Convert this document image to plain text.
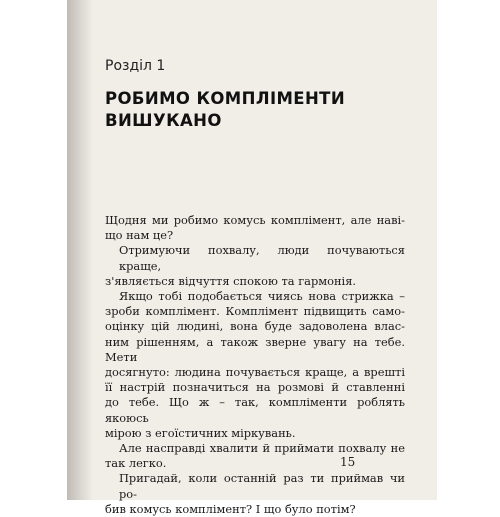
Розділ 1
РОБИМО КОМПЛІМЕНТИ
ВИШУКАНО

Щодня ми робимо комусь комплімент, але наві-
що нам це?

Отримуючи похвалу, люди почуваються краще,
з'являється відчуття спокою та гармонія.

Якщо тобі подобається чиясь нова стрижка –
зроби комплімент. Комплімент підвищить само-
оцінку цій людині, вона буде задоволена влас-
ним рішенням, а також зверне увагу на тебе. Мети
досягнуто: людина почувається краще, а врешті
її настрій позначиться на розмові й ставленні
до тебе. Що ж – так, компліменти роблять якоюсь
мірою з егоїстичних міркувань.

Але насправді хвалити й приймати похвалу не
так легко.

Пригадай, коли останній раз ти приймав чи ро-
бив комусь комплімент? І що було потім?

15
